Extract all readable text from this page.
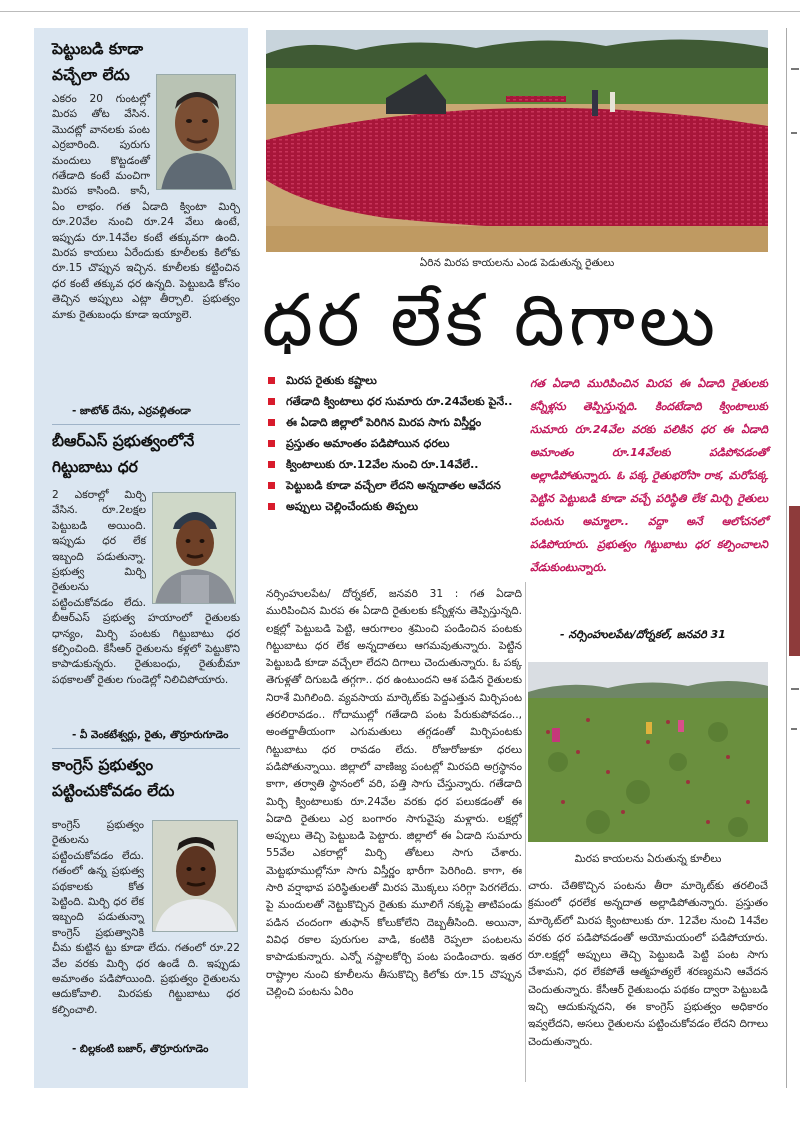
పెట్టుబడి కూడా
వచ్చేలా లేదు
ఎకరం 20 గుంటల్లో మిరప తోట వేసిన. మొదట్లో వానలకు పంట ఎర్రబారింది. పురుగు మందులు కొట్టడంతో గతేడాది కంటే మంచిగా మిరప కాసింది. కానీ, ఏం లాభం. గత ఏడాది క్వింటా మిర్చి రూ.20వేల నుంచి రూ.24 వేలు ఉంటే, ఇప్పుడు రూ.14వేల కంటే తక్కువగా ఉంది. మిరప కాయలు ఏరేందుకు కూలీలకు కిలోకు రూ.15 చొప్పున ఇచ్చిన. కూలీలకు కట్టించిన ధర కంటే తక్కువ ధర ఉన్నది. పెట్టుబడి కోసం తెచ్చిన అప్పులు ఎట్లా తీర్చాలి. ప్రభుత్వం మాకు రైతుబంధు కూడా ఇయ్యాలె.
- జాటోత్ దేను, ఎర్రవల్లితండా
బీఆర్ఎస్ ప్రభుత్వంలోనే
గిట్టుబాటు ధర
2 ఎకరాల్లో మిర్చి వేసిన. రూ.2లక్షల పెట్టుబడి అయింది. ఇప్పుడు ధర లేక ఇబ్బంది పడుతున్నా. ప్రభుత్వ మిర్చి రైతులను పట్టించుకోవడం లేదు. బీఆర్ఎస్ ప్రభుత్వ హయాంలో రైతులకు ధాన్యం, మిర్చి పంటకు గిట్టుబాటు ధర కల్పించింది. కేసీఆర్ రైతులను కళ్లలో పెట్టుకొని కాపాడుకున్నరు. రైతుబంధు, రైతుబీమా పథకాలతో రైతుల గుండెల్లో నిలిచిపోయారు.
- వీ వెంకటేశ్వర్లు, రైతు, తొర్రూరుగూడెం
కాంగ్రెస్ ప్రభుత్వం
పట్టించుకోవడం లేదు
కాంగ్రెస్ ప్రభుత్వం రైతులను పట్టించుకోవడం లేదు. గతంలో ఉన్న ప్రభుత్వ పథకాలకు కోత పెట్టింది. మిర్చి ధర లేక ఇబ్బంది పడుతున్నా కాంగ్రెస్ ప్రభుత్వానికి చీమ కుట్టిన ట్టు కూడా లేదు. గతంలో రూ.22 వేల వరకు మిర్చి ధర ఉండే ది. ఇప్పుడు అమాంతం పడిపోయింది. ప్రభుత్వం రైతులను ఆదుకోవాలి. మిరపకు గిట్టుబాటు ధర కల్పించాలి.
- బిల్లకంటి బజార్, తొర్రూరుగూడెం
ఏరిన మిరప కాయలను ఎండ పెడుతున్న రైతులు
ధర లేక దిగాలు
మిరప రైతుకు కష్టాలు
గతేడాది క్వింటాలు ధర సుమారు రూ.24వేలకు పైనే..
ఈ ఏడాది జిల్లాలో పెరిగిన మిరప సాగు విస్తీర్ణం
ప్రస్తుతం అమాంతం పడిపోయిన ధరలు
క్వింటాలుకు రూ.12వేల నుంచి రూ.14వేలే..
పెట్టుబడి కూడా వచ్చేలా లేదని అన్నదాతల ఆవేదన
అప్పులు చెల్లించేందుకు తిప్పలు
గత ఏడాది మురిపించిన మిరప ఈ ఏడాది రైతులకు కన్నీళ్లను తెప్పిస్తున్నది. కిందటేడాది క్వింటాలుకు సుమారు రూ.24వేల వరకు పలికిన ధర ఈ ఏడాది అమాంతం రూ.14వేలకు పడిపోవడంతో అల్లాడిపోతున్నారు. ఓ పక్క రైతుభరోసా రాక, మరోపక్క పెట్టిన పెట్టుబడి కూడా వచ్చే పరిస్థితి లేక మిర్చి రైతులు పంటను అమ్మాలా.. వద్దా అనే ఆలోచనలో పడిపోయారు. ప్రభుత్వం గిట్టుబాటు ధర కల్పించాలని వేడుకుంటున్నారు.
- నర్సింహులపేట/దోర్నకల్, జనవరి 31
నర్సింహులపేట/ దోర్నకల్, జనవరి 31 : గత ఏడాది మురిపించిన మిరప ఈ ఏడాది రైతులకు కన్నీళ్లను తెప్పిస్తున్నది. లక్షల్లో పెట్టుబడి పెట్టి, ఆరుగాలం శ్రమించి పండించిన పంటకు గిట్టుబాటు ధర లేక అన్నదాతలు ఆగమవుతున్నారు. పెట్టిన పెట్టుబడి కూడా వచ్చేలా లేదని దిగాలు చెందుతున్నారు. ఓ పక్క తెగుళ్లతో దిగుబడి తగ్గగా.. ధర ఉంటుందని ఆశ పడిన రైతులకు నిరాశే మిగిలింది. వ్యవసాయ మార్కెట్‌కు పెద్దఎత్తున మిర్చిపంట తరలిరావడం.. గోదాముల్లో గతేడాది పంట పేరుకుపోవడం.., అంతర్జాతీయంగా ఎగుమతులు తగ్గడంతో మిర్చిపంటకు గిట్టుబాటు ధర రావడం లేదు. రోజురోజుకూ ధరలు పడిపోతున్నాయి. జిల్లాలో వాణిజ్య పంటల్లో మిరపది అగ్రస్థానం కాగా, తర్వాతి స్థానంలో వరి, పత్తి సాగు చేస్తున్నారు. గతేడాది మిర్చి క్వింటాలుకు రూ.24వేల వరకు ధర పలుకడంతో ఈ ఏడాది రైతులు ఎర్ర బంగారం సాగువైపు మళ్లారు. లక్షల్లో అప్పులు తెచ్చి పెట్టుబడి పెట్టారు. జిల్లాలో ఈ ఏడాది సుమారు 55వేల ఎకరాల్లో మిర్చి తోటలు సాగు చేశారు. మెట్టభూముల్లోనూ సాగు విస్తీర్ణం భారీగా పెరిగింది. కాగా, ఈ సారి వర్షాభావ పరిస్థితులతో మిరప మొక్కలు సరిగ్గా పెరగలేదు. పై మందులతో నెట్టుకొచ్చిన రైతుకు మూలిగే నక్కపై తాటిపండు పడిన చందంగా తుఫాన్ కోలుకోలేని దెబ్బతీసింది. అయినా, వివిధ రకాల పురుగుల వాడి, కంటికి రెప్పలా పంటలను కాపాడుకున్నారు. ఎన్నో నష్టాలకోర్చి పంట పండించారు. ఇతర రాష్ట్రాల నుంచి కూలీలను తీసుకొచ్చి కిలోకు రూ.15 చొప్పున చెల్లించి పంటను ఏరిం
మిరప కాయలను ఏరుతున్న కూలీలు
చారు. చేతికొచ్చిన పంటను తీరా మార్కెట్‌కు తరలించే క్రమంలో ధరలేక అన్నదాత అల్లాడిపోతున్నారు. ప్రస్తుతం మార్కెట్‌లో మిరప క్వింటాలుకు రూ. 12వేల నుంచి 14వేల వరకు ధర పడిపోవడంతో అయోమయంలో పడిపోయారు. రూ.లక్షల్లో అప్పులు తెచ్చి పెట్టుబడి పెట్టి పంట సాగు చేశామని, ధర లేకపోతే ఆత్మహత్యలే శరణ్యమని ఆవేదన చెందుతున్నారు. కేసీఆర్ రైతుబంధు పథకం ద్వారా పెట్టుబడి ఇచ్చి ఆదుకున్నదని, ఈ కాంగ్రెస్ ప్రభుత్వం అధికారం ఇవ్వలేదని, అసలు రైతులను పట్టించుకోవడం లేదని దిగాలు చెందుతున్నారు.
